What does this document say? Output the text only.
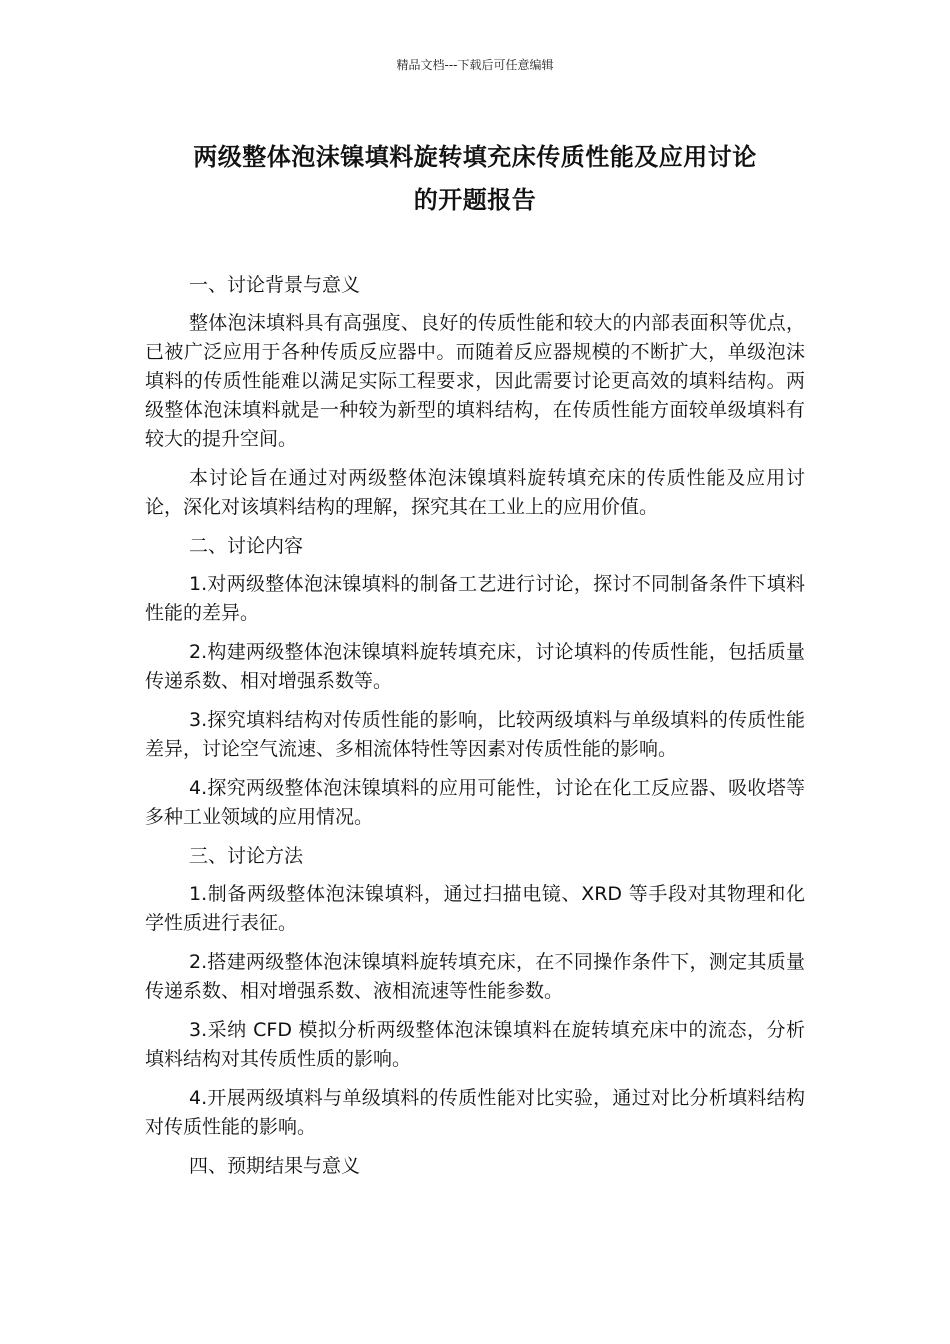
精品文档---下载后可任意编辑
两级整体泡沫镍填料旋转填充床传质性能及应用讨论
的开题报告

一、讨论背景与意义

整体泡沫填料具有高强度、良好的传质性能和较大的内部表面积等优点，已被广泛应用于各种传质反应器中。而随着反应器规模的不断扩大，单级泡沫填料的传质性能难以满足实际工程要求，因此需要讨论更高效的填料结构。两级整体泡沫填料就是一种较为新型的填料结构，在传质性能方面较单级填料有较大的提升空间。

本讨论旨在通过对两级整体泡沫镍填料旋转填充床的传质性能及应用讨论，深化对该填料结构的理解，探究其在工业上的应用价值。

二、讨论内容

1.对两级整体泡沫镍填料的制备工艺进行讨论，探讨不同制备条件下填料性能的差异。

2.构建两级整体泡沫镍填料旋转填充床，讨论填料的传质性能，包括质量传递系数、相对增强系数等。

3.探究填料结构对传质性能的影响，比较两级填料与单级填料的传质性能差异，讨论空气流速、多相流体特性等因素对传质性能的影响。

4.探究两级整体泡沫镍填料的应用可能性，讨论在化工反应器、吸收塔等多种工业领域的应用情况。

三、讨论方法

1.制备两级整体泡沫镍填料，通过扫描电镜、XRD 等手段对其物理和化学性质进行表征。

2.搭建两级整体泡沫镍填料旋转填充床，在不同操作条件下，测定其质量传递系数、相对增强系数、液相流速等性能参数。

3.采纳 CFD 模拟分析两级整体泡沫镍填料在旋转填充床中的流态，分析填料结构对其传质性质的影响。

4.开展两级填料与单级填料的传质性能对比实验，通过对比分析填料结构对传质性能的影响。

四、预期结果与意义
